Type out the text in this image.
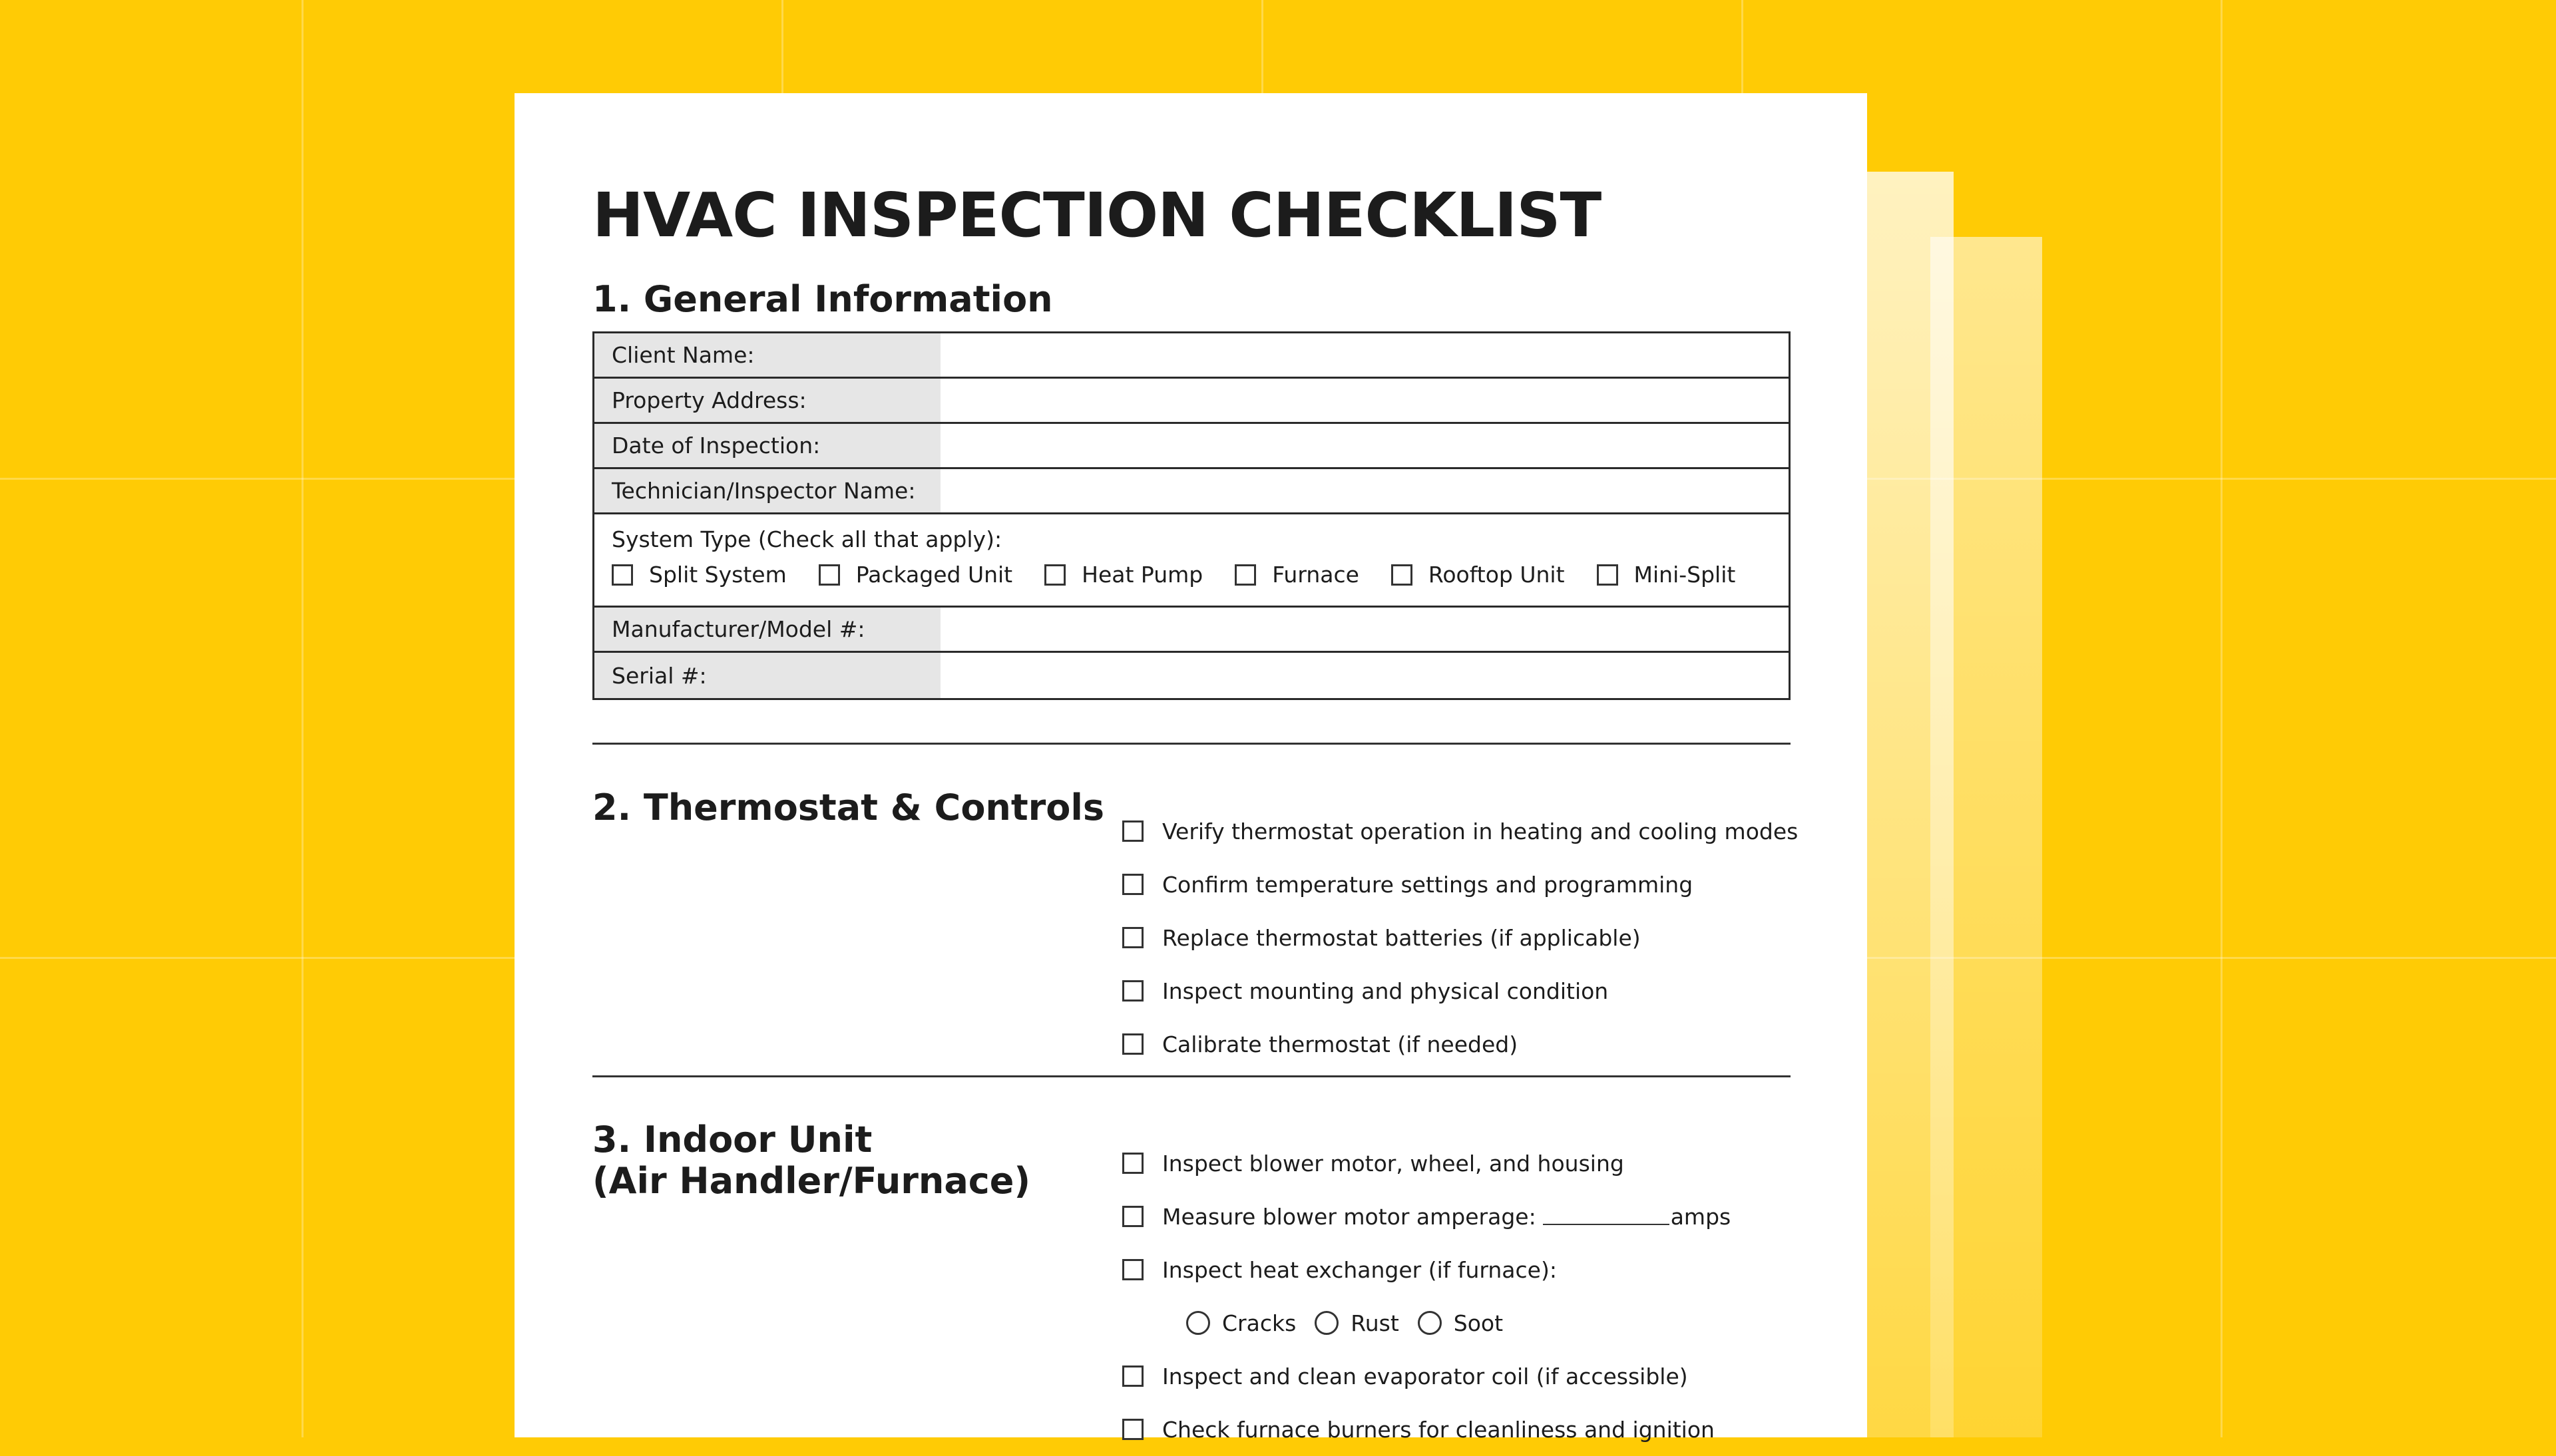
HVAC INSPECTION CHECKLIST
1. General Information
Client Name:
Property Address:
Date of Inspection:
Technician/Inspector Name:
System Type (Check all that apply):
Split System	Packaged Unit	Heat Pump	Furnace	Rooftop Unit	Mini-Split
Manufacturer/Model #:
Serial #:
2. Thermostat & Controls
Verify thermostat operation in heating and cooling modes
Confirm temperature settings and programming
Replace thermostat batteries (if applicable)
Inspect mounting and physical condition
Calibrate thermostat (if needed)
3. Indoor Unit
(Air Handler/Furnace)	Inspect blower motor, wheel, and housing
Measure blower motor amperage:	amps
Inspect heat exchanger (if furnace):
Cracks Rust Soot
Inspect and clean evaporator coil (if accessible)
Check furnace burners for cleanliness and ignition
